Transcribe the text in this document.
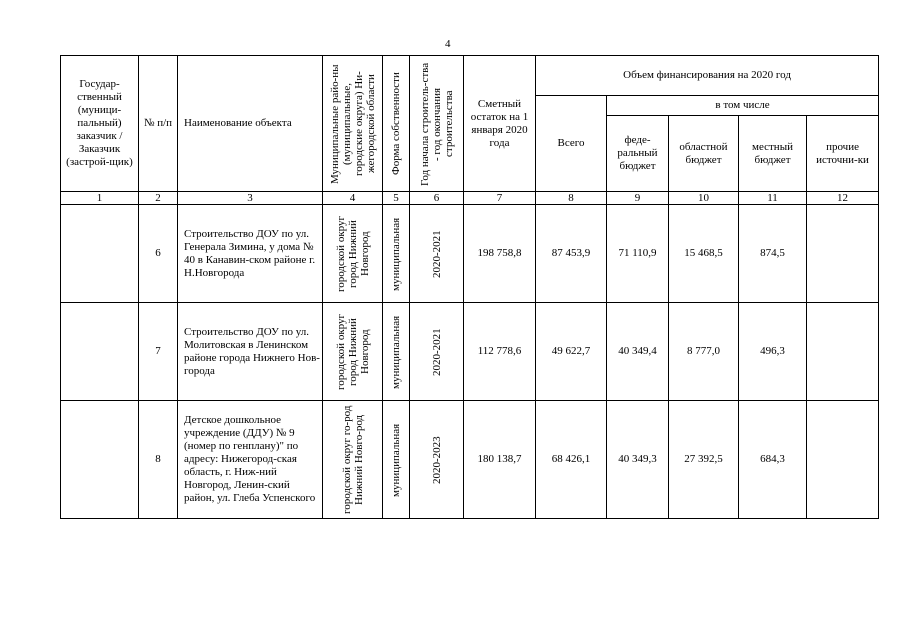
4
Государ-ственный (муници-пальный) заказчик / Заказчик (застрой-щик)	№ п/п	Наименование объекта	Муниципальные райо-ны (муниципальные, городские округа) Ни-жегородской области	Форма собственности	Год начала строитель-ства - год окончания строительства	Сметный остаток на 1 января 2020 года	Объем финансирования на 2020 год				
							Всего	в том числе			
								феде-ральный бюджет	областной бюджет	местный бюджет	прочие источни-ки
1	2	3	4	5	6	7	8	9	10	11	12
	6	Строительство ДОУ по ул. Генерала Зимина, у дома № 40 в Канавин-ском районе г. Н.Новгорода	городской округ город Нижний Новгород	муниципальная	2020-2021	198 758,8	87 453,9	71 110,9	15 468,5	874,5	
	7	Строительство ДОУ по ул. Молитовская в Ленинском районе города Нижнего Нов-города	городской округ город Нижний Новгород	муниципальная	2020-2021	112 778,6	49 622,7	40 349,4	8 777,0	496,3	
	8	Детское дошкольное учреждение (ДДУ) № 9 (номер по генплану)" по адресу: Нижегород-ская область, г. Ниж-ний Новгород, Ленин-ский район, ул. Глеба Успенского	городской округ го-род Нижний Новго-род	муниципальная	2020-2023	180 138,7	68 426,1	40 349,3	27 392,5	684,3	
